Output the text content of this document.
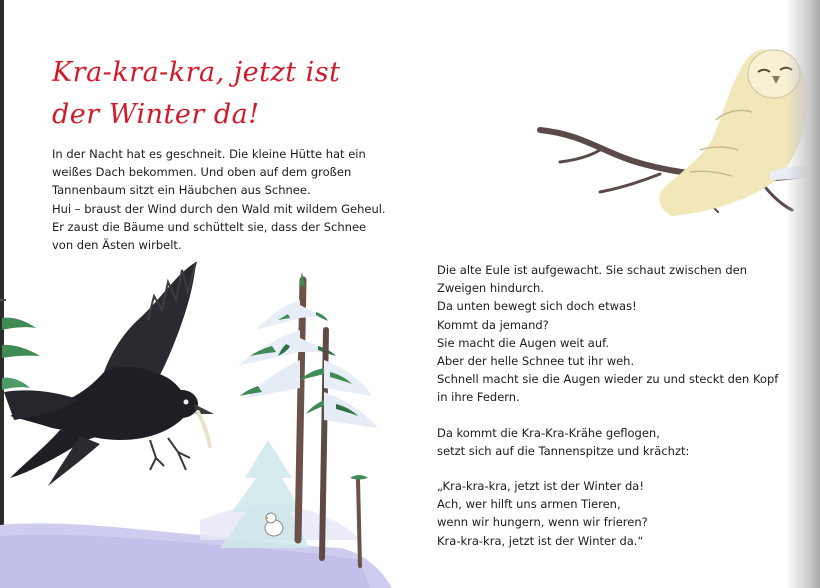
Kra-kra-kra, jetzt ist
der Winter da!
In der Nacht hat es geschneit. Die kleine Hütte hat ein
weißes Dach bekommen. Und oben auf dem großen
Tannenbaum sitzt ein Häubchen aus Schnee.
Hui – braust der Wind durch den Wald mit wildem Geheul.
Er zaust die Bäume und schüttelt sie, dass der Schnee
von den Ästen wirbelt.
Die alte Eule ist aufgewacht. Sie schaut zwischen den
Zweigen hindurch.
Da unten bewegt sich doch etwas!
Kommt da jemand?
Sie macht die Augen weit auf.
Aber der helle Schnee tut ihr weh.
Schnell macht sie die Augen wieder zu und steckt den Kopf
in ihre Federn.
Da kommt die Kra-Kra-Krähe geflogen,
setzt sich auf die Tannenspitze und krächzt:
„Kra-kra-kra, jetzt ist der Winter da!
Ach, wer hilft uns armen Tieren,
wenn wir hungern, wenn wir frieren?
Kra-kra-kra, jetzt ist der Winter da.“
